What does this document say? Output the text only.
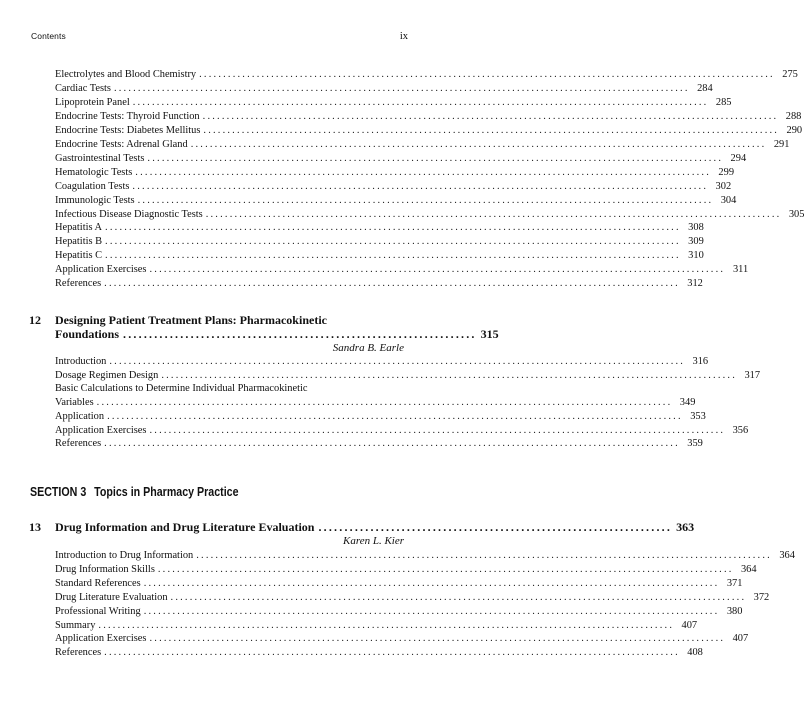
Contents	ix
Electrolytes and Blood Chemistry ........................................................................................................................ 275
Cardiac Tests ........................................................................................................................ 284
Lipoprotein Panel ........................................................................................................................ 285
Endocrine Tests: Thyroid Function ........................................................................................................................ 288
Endocrine Tests: Diabetes Mellitus ........................................................................................................................ 290
Endocrine Tests: Adrenal Gland ........................................................................................................................ 291
Gastrointestinal Tests ........................................................................................................................ 294
Hematologic Tests ........................................................................................................................ 299
Coagulation Tests ........................................................................................................................ 302
Immunologic Tests ........................................................................................................................ 304
Infectious Disease Diagnostic Tests ........................................................................................................................ 305
Hepatitis A ........................................................................................................................ 308
Hepatitis B ........................................................................................................................ 309
Hepatitis C ........................................................................................................................ 310
Application Exercises ........................................................................................................................ 311
References ........................................................................................................................ 312
12 Designing Patient Treatment Plans: Pharmacokinetic
Foundations .................................................................... 315
Sandra B. Earle
Introduction ........................................................................................................................ 316
Dosage Regimen Design ........................................................................................................................ 317
Basic Calculations to Determine Individual Pharmacokinetic
Variables ........................................................................................................................ 349
Application ........................................................................................................................ 353
Application Exercises ........................................................................................................................ 356
References ........................................................................................................................ 359
SECTION 3 Topics in Pharmacy Practice
13 Drug Information and Drug Literature Evaluation .................................................................... 363
Karen L. Kier
Introduction to Drug Information ........................................................................................................................ 364
Drug Information Skills ........................................................................................................................ 364
Standard References ........................................................................................................................ 371
Drug Literature Evaluation ........................................................................................................................ 372
Professional Writing ........................................................................................................................ 380
Summary ........................................................................................................................ 407
Application Exercises ........................................................................................................................ 407
References ........................................................................................................................ 408
